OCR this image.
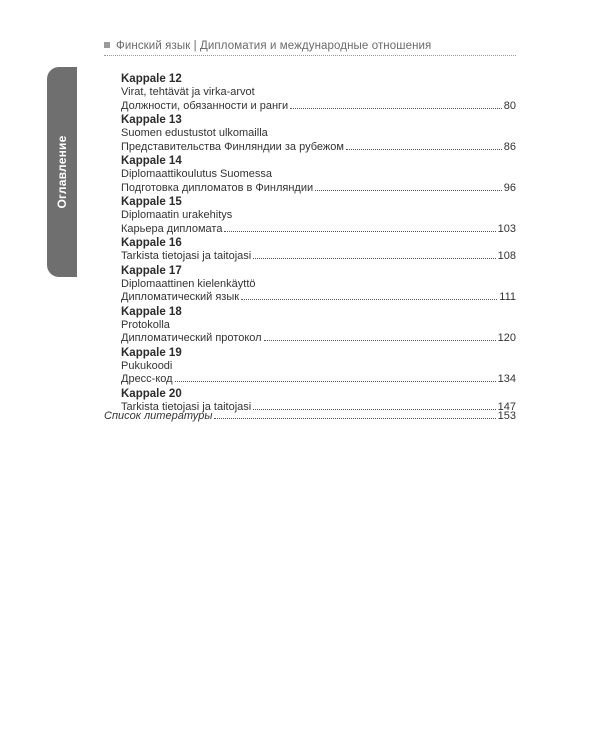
Финский язык | Дипломатия и международные отношения
Оглавление
Kappale 12
Virat, tehtävät ja virka-arvot
Должности, обязанности и ранги	80
Kappale 13
Suomen edustustot ulkomailla
Представительства Финляндии за рубежом	86
Kappale 14
Diplomaattikoulutus Suomessa
Подготовка дипломатов в Финляндии	96
Kappale 15
Diplomaatin urakehitys
Карьера дипломата	103
Kappale 16
Tarkista tietojasi ja taitojasi	108
Kappale 17
Diplomaattinen kielenkäyttö
Дипломатический язык	111
Kappale 18
Protokolla
Дипломатический протокол	120
Kappale 19
Pukukoodi
Дресс-код	134
Kappale 20
Tarkista tietojasi ja taitojasi	147
Список литературы	153
